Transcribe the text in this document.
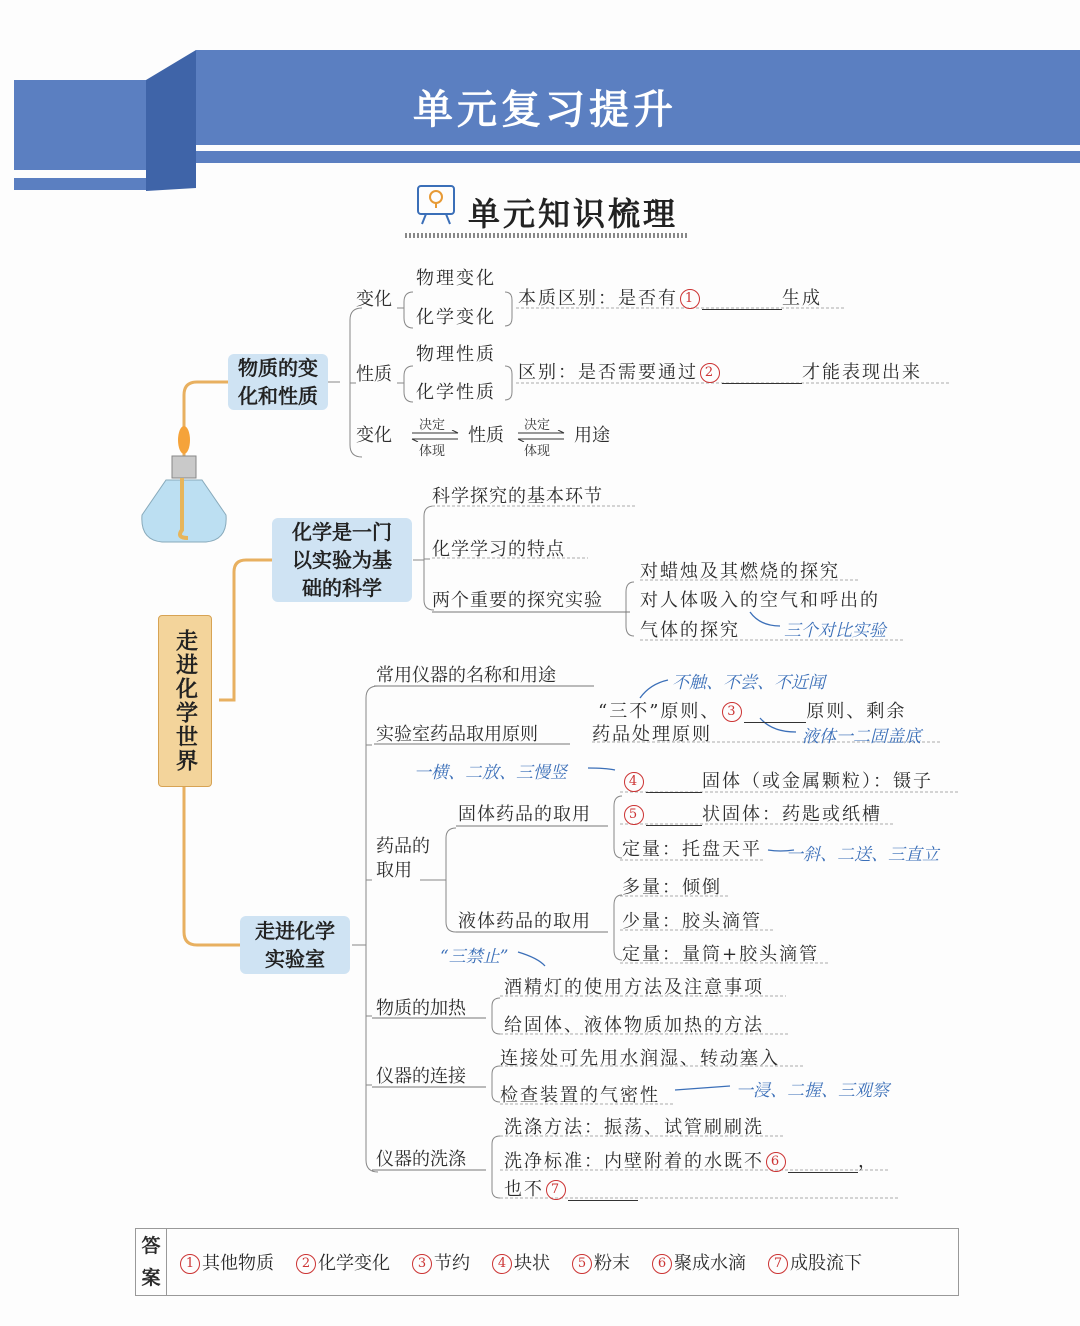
单元复习提升
单元知识梳理
走进化学世界
物质的变
化和性质
变化
物理变化
化学变化
本质区别：是否有 1	生成
性质
物理性质
化学性质
区别：是否需要通过 2	才能表现出来
变化 决定
体现
性质 决定
体现
用途
化学是一门
以实验为基
础的科学
科学探究的基本环节
化学学习的特点
两个重要的探究实验
对蜡烛及其燃烧的探究
对人体吸入的空气和呼出的
气体的探究	三个对比实验
走进化学
实验室
常用仪器的名称和用途
实验室药品取用原则
“三不”原则、 3	原则、剩余
药品处理原则
不触、不尝、不近闻
液体一二固盖底
药品的
取用
固体药品的取用
一横、二放、三慢竖	4	固体（或金属颗粒）：镊子
5	状固体：药匙或纸槽
定量：托盘天平 一斜、二送、三直立
液体药品的取用
多量：倾倒
少量：胶头滴管
定量：量筒+胶头滴管
“三禁止”
物质的加热
酒精灯的使用方法及注意事项
给固体、液体物质加热的方法
仪器的连接
连接处可先用水润湿、转动塞入
检查装置的气密性	一浸、二握、三观察
仪器的洗涤
洗涤方法：振荡、试管刷刷洗
洗净标准：内壁附着的水既不 6	，
也不 7
答
案
1 其他物质 2 化学变化 3 节约 4 块状 5 粉末 6 聚成水滴 7 成股流下
